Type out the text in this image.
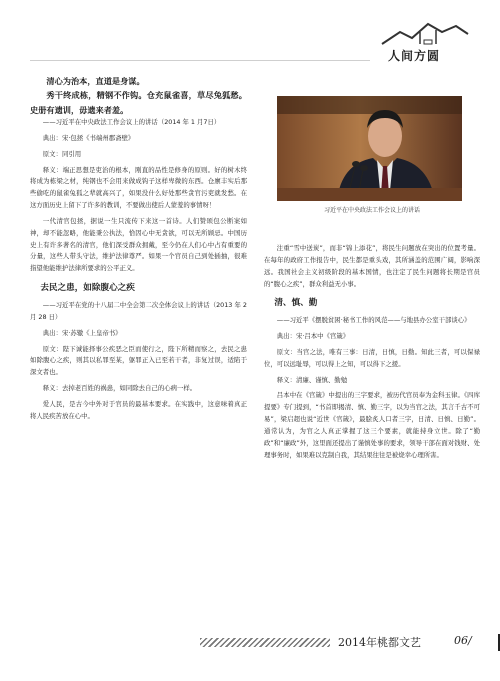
人间方圆

清心为治本，直道是身谋。

秀干终成栋，精钢不作钩。仓充鼠雀喜，草尽兔狐愁。史册有遗训，毋遗来者羞。

——习近平在中央政法工作会议上的讲话（2014 年 1 月7日）

典出：宋·包拯《书端州郡斋壁》

原文：同引用

释义：端正思想是吏治的根本，刚直的品性是修身的原则。好的树木终将成为栋梁之材，纯钢也不会用来做成钩子这样卑微的东西。仓廪丰实后那些偷吃的鼠雀兔狐之辈就高兴了，如果没什么好处那些贪官污吏就发愁。在这方面历史上留下了许多的教训，不要做出使后人蒙羞的事情呀！

一代清官包拯，据说一生只流传下来这一首诗。人们赞颂包公断案如神，却不能忽略，他能秉公执法，恰因心中无贪欲，可以无所顾忌。中国历史上有许多著名的清官，他们深受群众拥戴，至今仍在人们心中占有重要的分量，这些人带头守法，维护法律尊严。如果一个官员自己到处插抽，很难指望他能维护法律所要求的公平正义。

去民之患，如除腹心之疾

——习近平在党的十八届二中全会第二次全体会议上的讲话（2013 年 2 月 28 日）

典出：宋·苏辙《上皇帝书》

原文：陛下诚能择事公疾恶之臣而使行之，陛下所精而察之，去民之患如除腹心之疾，则其以私罪至某，躯罪正入已至若干者，非复过误，适陷于深文者也。

释义：去掉老百姓的祸患，如同除去自己的心病一样。

爱人民，是古今中外对于官员的最基本要求。在实践中，这意味着真正将人民疾苦放在心中。

习近平在中央政法工作会议上的讲话

注重“雪中送炭”，而非“锦上添花”，将民生问题放在突出的位置考量。在每年的政府工作报告中，民生都是重头戏，其所涵盖的范围广阔，影响深远。我国社会主义初级阶段的基本国情，也注定了民生问题将长期是官员的“腹心之疾”，群众利益无小事。

清、慎、勤

——习近平《摆脱贫困·秘书工作的风范——与地县办公室干部谈心》

典出：宋·吕本中《官箴》

原文：当官之法，唯有三事：日清，日慎，日勤。知此三者，可以保禄位，可以远耻辱，可以得上之知，可以得下之援。

释义：清廉、谨慎、勤勉

吕本中在《官箴》中提出的三字要求，被历代官员奉为金科玉律。《四库提要》专门提到，“书首即揭清、慎、勤三字，以为当官之法，其言千古不可易”，梁启超也说“近世《官箴》，最脍炙人口者三字，日清、日慎、日勤”。通常认为，为官之人真正掌握了这三个要素，就能持身立世。除了“勤政”和“廉政”外，这里面还提出了谨慎处事的要求，领导干部在面对钱财、处理事务时，如果难以克制自我，其结果往往是被烧幸心理所害。

2014年桃都文艺	06/
